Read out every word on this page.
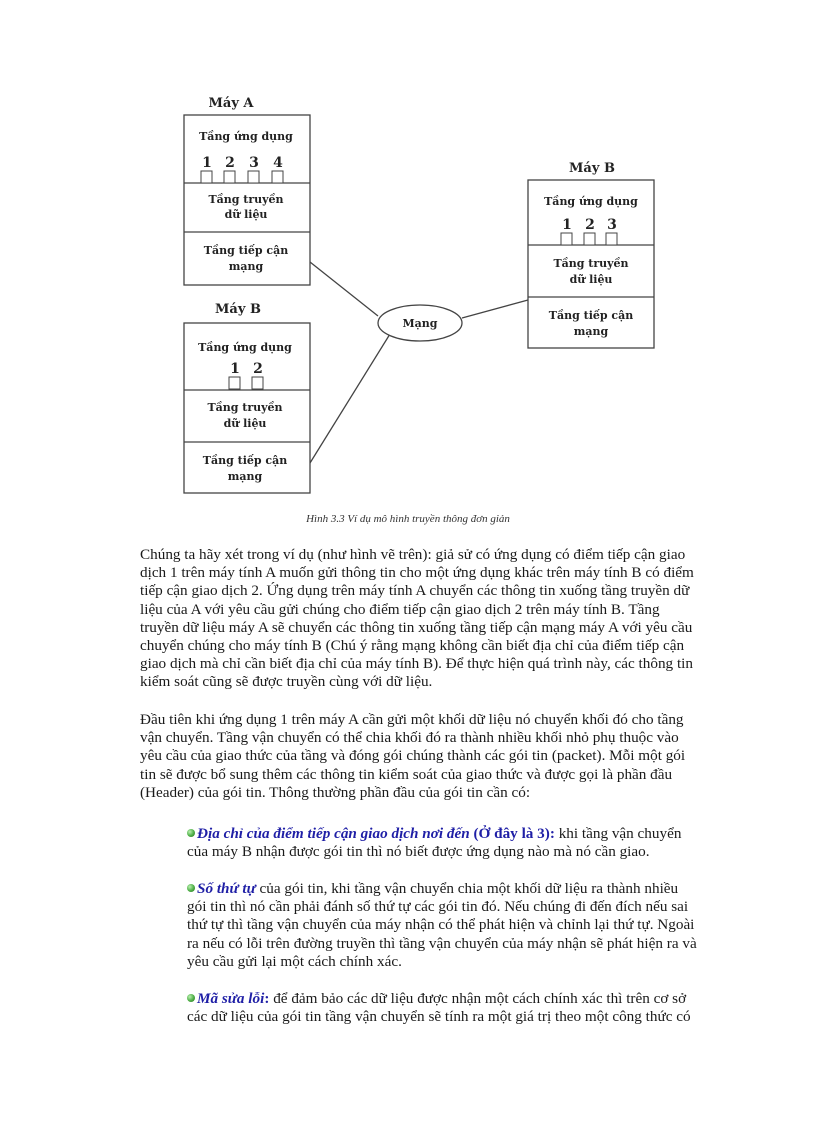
Máy A
Tầng ứng dụng
1 2 3 4
Tầng truyền
dữ liệu
Tầng tiếp cận
mạng
Máy B
Tầng ứng dụng
1 2
Tầng truyền
dữ liệu
Tầng tiếp cận
mạng
Máy B
Tầng ứng dụng
1 2 3
Tầng truyền
dữ liệu
Tầng tiếp cận
mạng
Mạng
Hình 3.3 Ví dụ mô hình truyền thông đơn giản
Chúng ta hãy xét trong ví dụ (như hình vẽ trên): giả sử có ứng dụng có điểm tiếp cận giao dịch 1 trên máy tính A muốn gửi thông tin cho một ứng dụng khác trên máy tính B có điểm tiếp cận giao dịch 2. Ứng dụng trên máy tính A chuyển các thông tin xuống tầng truyền dữ liệu của A với yêu cầu gửi chúng cho điểm tiếp cận giao dịch 2 trên máy tính B. Tầng truyền dữ liệu máy A sẽ chuyển các thông tin xuống tầng tiếp cận mạng máy A với yêu cầu chuyển chúng cho máy tính B (Chú ý rằng mạng không cần biết địa chỉ của điểm tiếp cận giao dịch mà chỉ cần biết địa chỉ của máy tính B). Để thực hiện quá trình này, các thông tin kiểm soát cũng sẽ được truyền cùng với dữ liệu.
Đầu tiên khi ứng dụng 1 trên máy A cần gửi một khối dữ liệu nó chuyển khối đó cho tầng vận chuyển. Tầng vận chuyển có thể chia khối đó ra thành nhiều khối nhỏ phụ thuộc vào yêu cầu của giao thức của tầng và đóng gói chúng thành các gói tin (packet). Mỗi một gói tin sẽ được bổ sung thêm các thông tin kiểm soát của giao thức và được gọi là phần đầu (Header) của gói tin. Thông thường phần đầu của gói tin cần có:
Địa chỉ của điểm tiếp cận giao dịch nơi đến (Ở đây là 3): khi tầng vận chuyển của máy B nhận được gói tin thì nó biết được ứng dụng nào mà nó cần giao.
Số thứ tự của gói tin, khi tầng vận chuyển chia một khối dữ liệu ra thành nhiều gói tin thì nó cần phải đánh số thứ tự các gói tin đó. Nếu chúng đi đến đích nếu sai thứ tự thì tầng vận chuyển của máy nhận có thể phát hiện và chỉnh lại thứ tự. Ngoài ra nếu có lỗi trên đường truyền thì tầng vận chuyển của máy nhận sẽ phát hiện ra và yêu cầu gửi lại một cách chính xác.
Mã sửa lỗi: để đảm bảo các dữ liệu được nhận một cách chính xác thì trên cơ sở các dữ liệu của gói tin tầng vận chuyển sẽ tính ra một giá trị theo một công thức có
